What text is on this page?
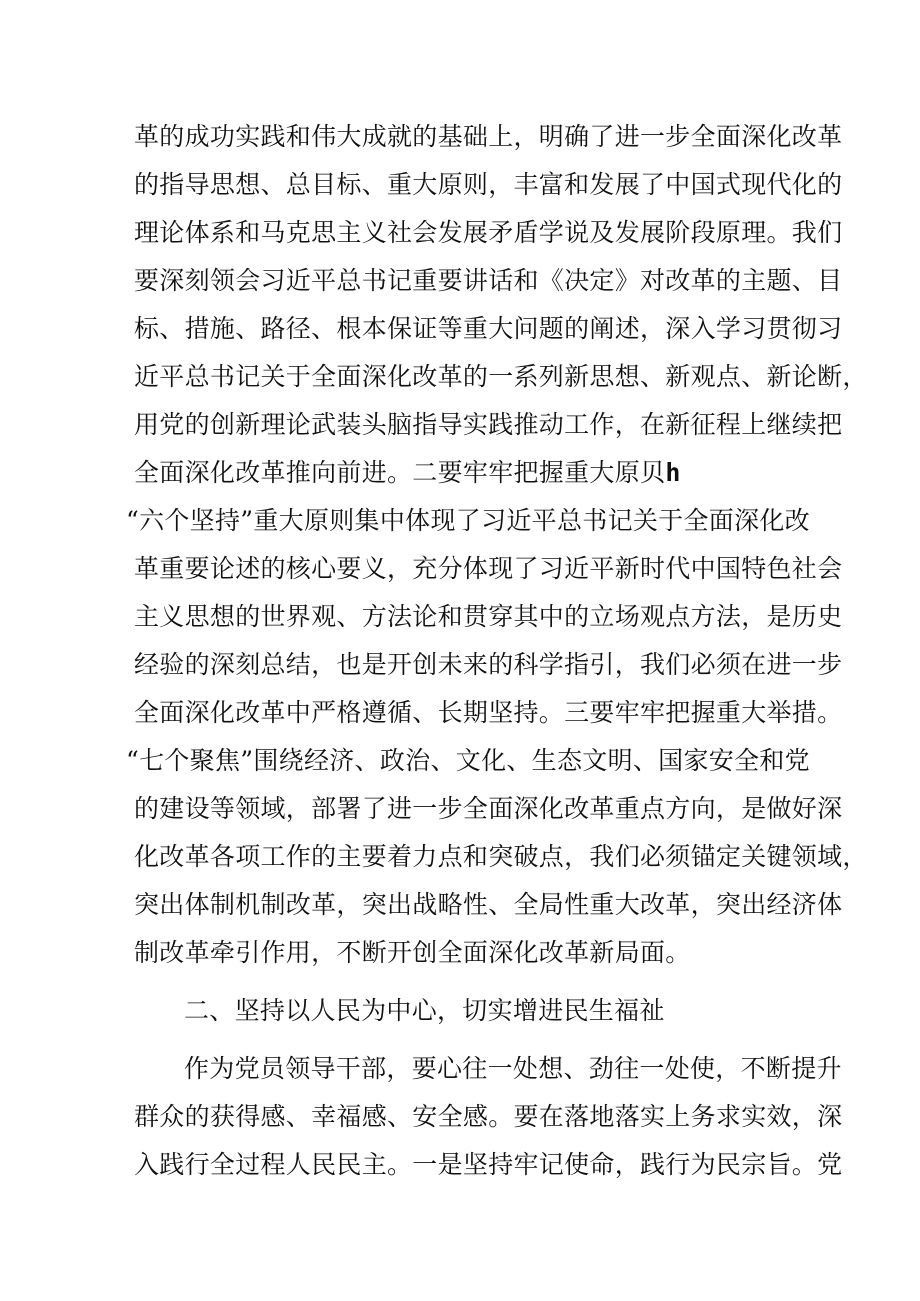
革的成功实践和伟大成就的基础上，明确了进一步全面深化改革
的指导思想、总目标、重大原则，丰富和发展了中国式现代化的
理论体系和马克思主义社会发展矛盾学说及发展阶段原理。我们
要深刻领会习近平总书记重要讲话和《决定》对改革的主题、目
标、措施、路径、根本保证等重大问题的阐述，深入学习贯彻习
近平总书记关于全面深化改革的一系列新思想、新观点、新论断，
用党的创新理论武装头脑指导实践推动工作，在新征程上继续把
全面深化改革推向前进。二要牢牢把握重大原贝h
“六个坚持”重大原则集中体现了习近平总书记关于全面深化改
革重要论述的核心要义，充分体现了习近平新时代中国特色社会
主义思想的世界观、方法论和贯穿其中的立场观点方法，是历史
经验的深刻总结，也是开创未来的科学指引，我们必须在进一步
全面深化改革中严格遵循、长期坚持。三要牢牢把握重大举措。
“七个聚焦”围绕经济、政治、文化、生态文明、国家安全和党
的建设等领域，部署了进一步全面深化改革重点方向，是做好深
化改革各项工作的主要着力点和突破点，我们必须锚定关键领域，
突出体制机制改革，突出战略性、全局性重大改革，突出经济体
制改革牵引作用，不断开创全面深化改革新局面。
二、坚持以人民为中心，切实增进民生福祉
作为党员领导干部，要心往一处想、劲往一处使，不断提升
群众的获得感、幸福感、安全感。要在落地落实上务求实效，深
入践行全过程人民民主。一是坚持牢记使命，践行为民宗旨。党
